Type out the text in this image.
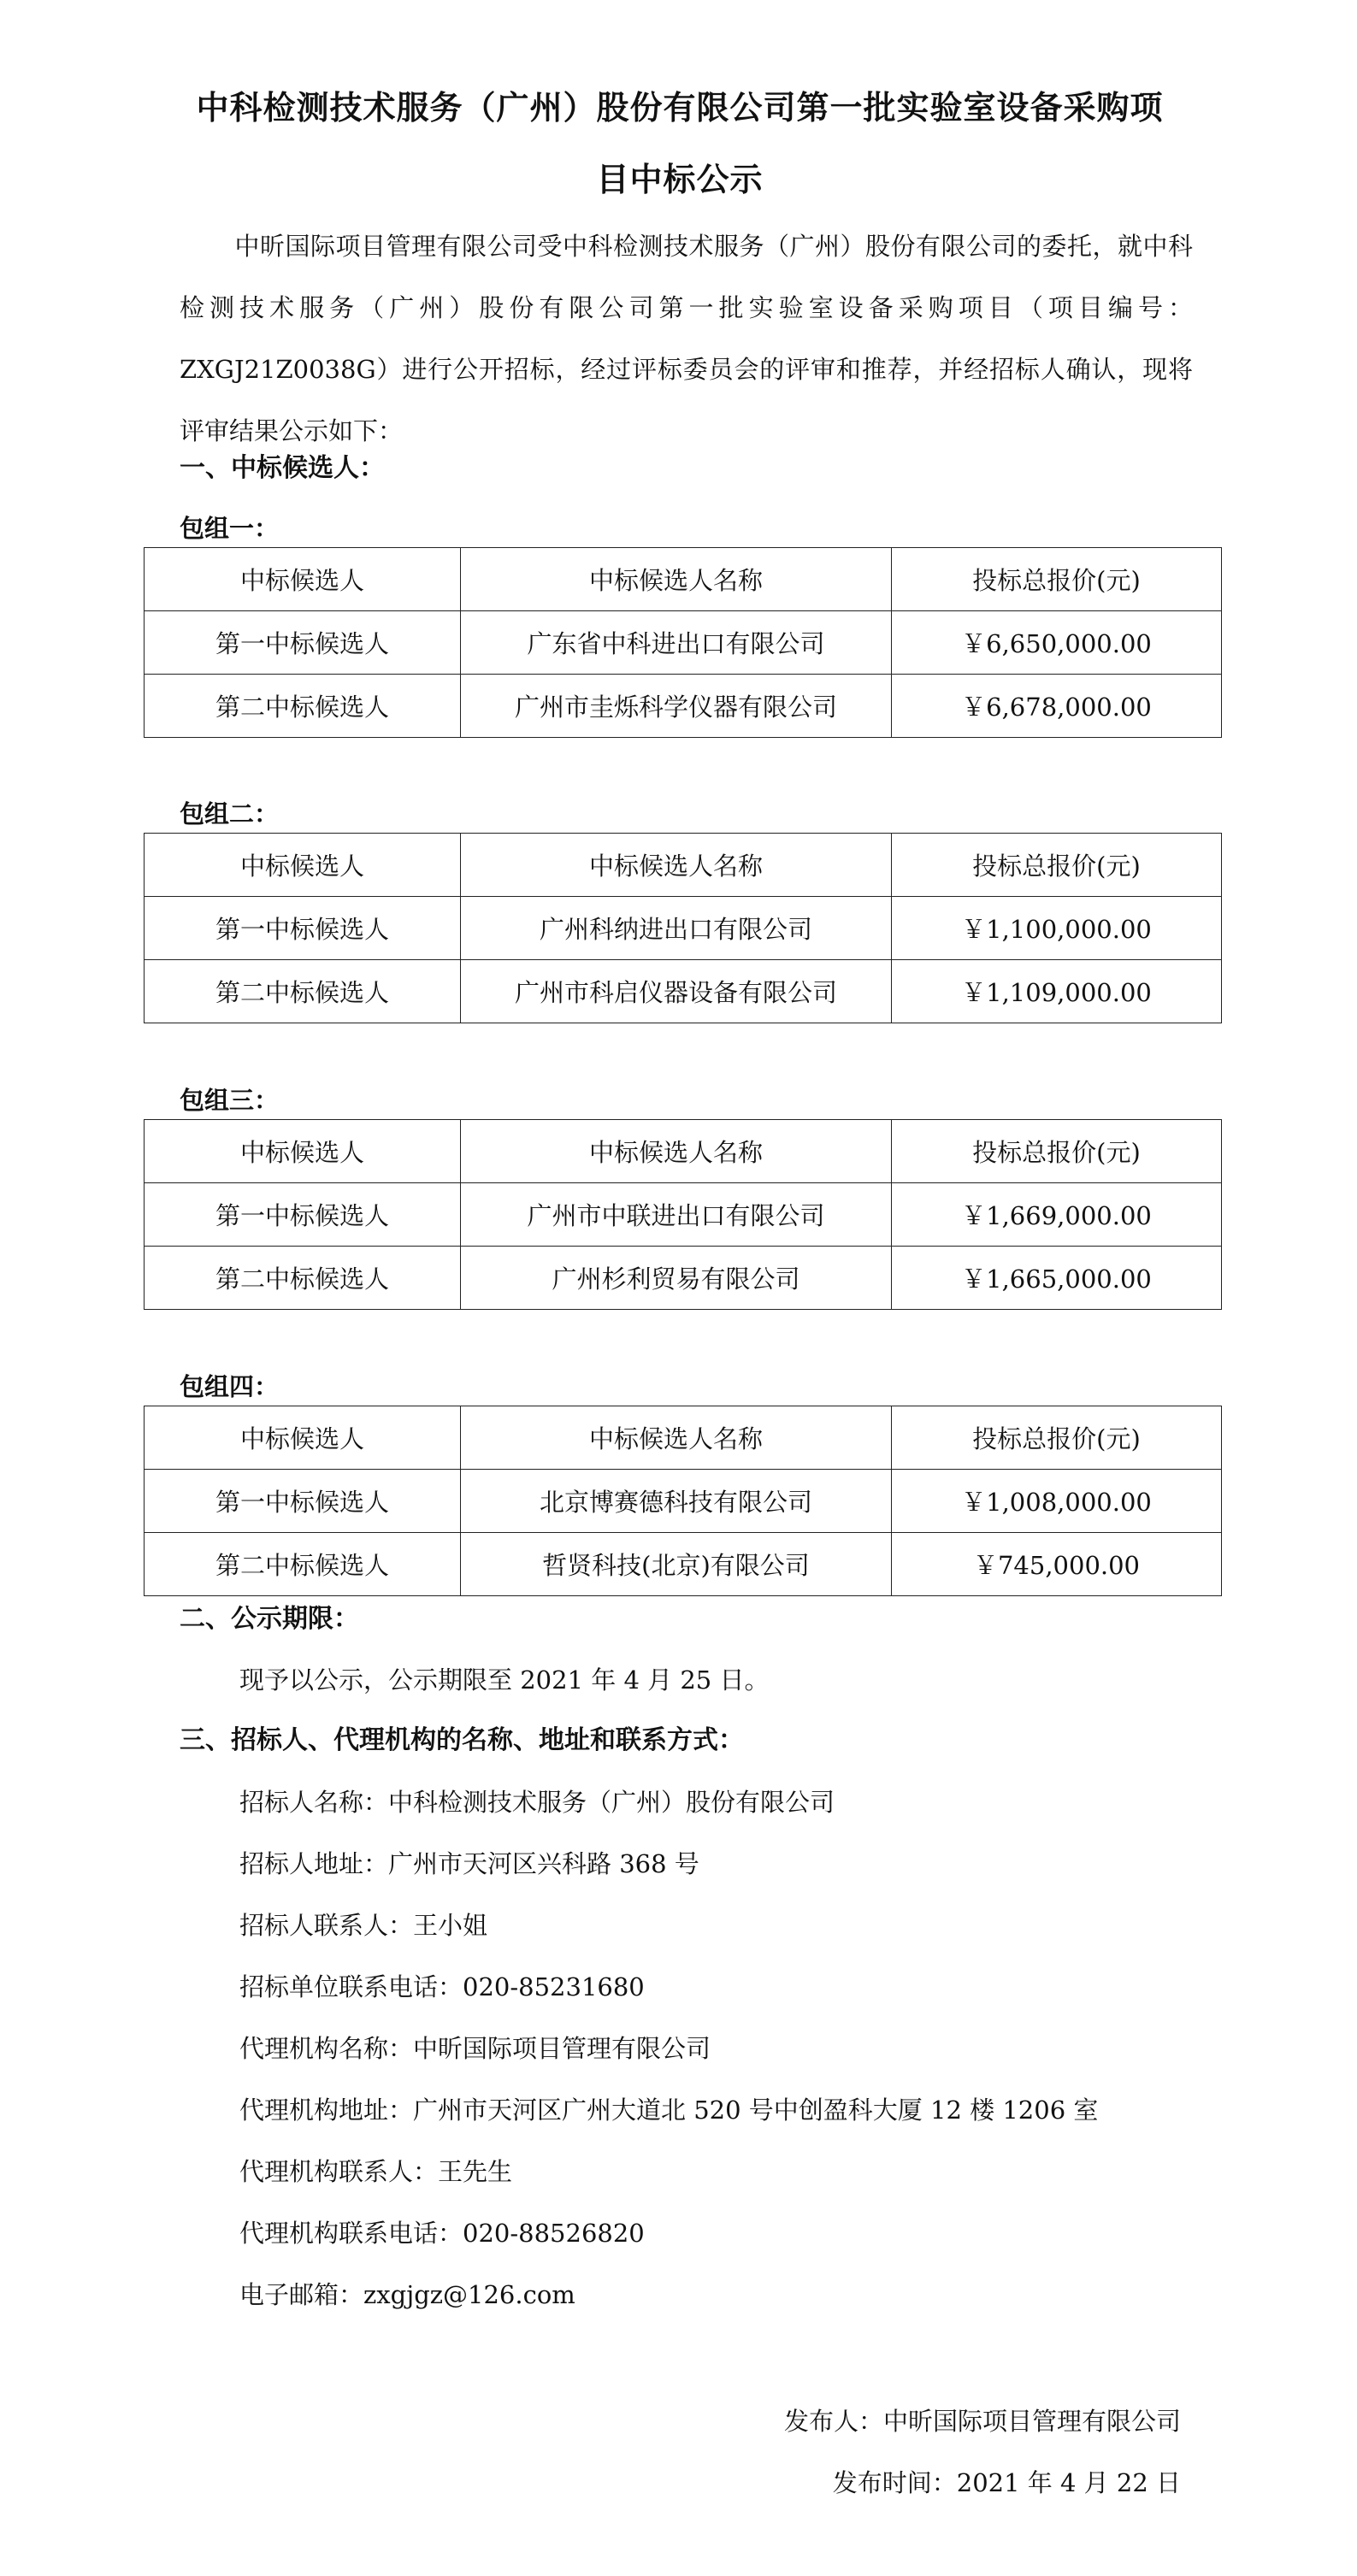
中科检测技术服务（广州）股份有限公司第一批实验室设备采购项
目中标公示
中昕国际项目管理有限公司受中科检测技术服务（广州）股份有限公司的委托，就中科检测技术服务（广州）股份有限公司第一批实验室设备采购项目（项目编号：ZXGJ21Z0038G）进行公开招标，经过评标委员会的评审和推荐，并经招标人确认，现将评审结果公示如下：
一、中标候选人：
包组一：
中标候选人	中标候选人名称	投标总报价(元)
第一中标候选人	广东省中科进出口有限公司	￥6,650,000.00
第二中标候选人	广州市圭烁科学仪器有限公司	￥6,678,000.00
包组二：
中标候选人	中标候选人名称	投标总报价(元)
第一中标候选人	广州科纳进出口有限公司	￥1,100,000.00
第二中标候选人	广州市科启仪器设备有限公司	￥1,109,000.00
包组三：
中标候选人	中标候选人名称	投标总报价(元)
第一中标候选人	广州市中联进出口有限公司	￥1,669,000.00
第二中标候选人	广州杉利贸易有限公司	￥1,665,000.00
包组四：
中标候选人	中标候选人名称	投标总报价(元)
第一中标候选人	北京博赛德科技有限公司	￥1,008,000.00
第二中标候选人	哲贤科技(北京)有限公司	￥745,000.00
二、公示期限：
现予以公示，公示期限至 2021 年 4 月 25 日。
三、招标人、代理机构的名称、地址和联系方式：
招标人名称：中科检测技术服务（广州）股份有限公司
招标人地址：广州市天河区兴科路 368 号
招标人联系人：王小姐
招标单位联系电话：020-85231680
代理机构名称：中昕国际项目管理有限公司
代理机构地址：广州市天河区广州大道北 520 号中创盈科大厦 12 楼 1206 室
代理机构联系人：王先生
代理机构联系电话：020-88526820
电子邮箱：zxgjgz@126.com
发布人：中昕国际项目管理有限公司
发布时间：2021 年 4 月 22 日
